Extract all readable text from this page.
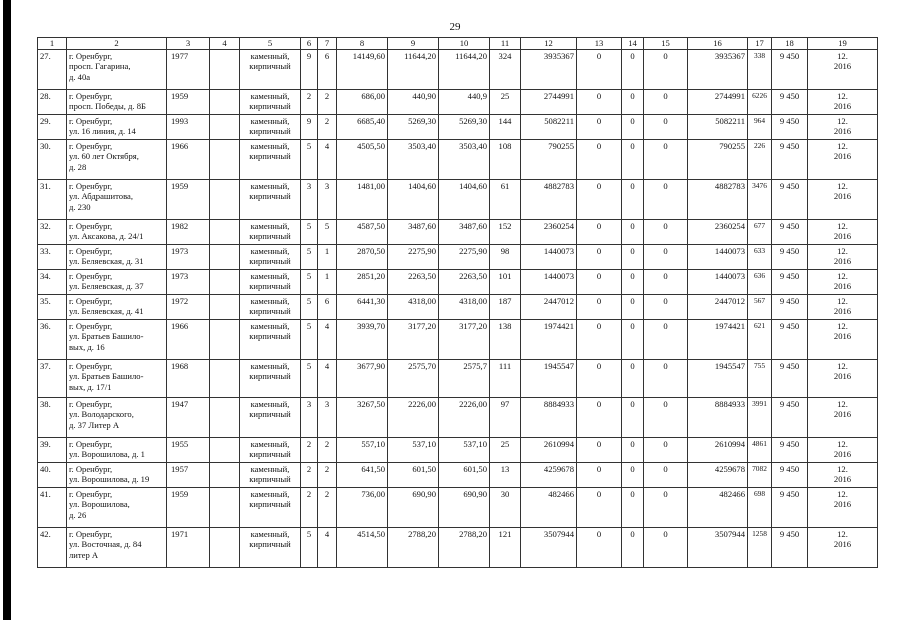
29
1	2	3	4	5	6	7	8	9	10	11	12	13	14	15	16	17	18	19
27.	г. Оренбург,
просп. Гагарина,
д. 40а	1977		каменный,
кирпичный	9	6	14149,60	11644,20	11644,20	324	3935367	0	0	0	3935367	338	9 450	12.
2016
28.	г. Оренбург,
просп. Победы, д. 8Б	1959		каменный,
кирпичный	2	2	686,00	440,90	440,9	25	2744991	0	0	0	2744991	6226	9 450	12.
2016
29.	г. Оренбург,
ул. 16 линия, д. 14	1993		каменный,
кирпичный	9	2	6685,40	5269,30	5269,30	144	5082211	0	0	0	5082211	964	9 450	12.
2016
30.	г. Оренбург,
ул. 60 лет Октября,
д. 28	1966		каменный,
кирпичный	5	4	4505,50	3503,40	3503,40	108	790255	0	0	0	790255	226	9 450	12.
2016
31.	г. Оренбург,
ул. Абдрашитова,
д. 230	1959		каменный,
кирпичный	3	3	1481,00	1404,60	1404,60	61	4882783	0	0	0	4882783	3476	9 450	12.
2016
32.	г. Оренбург,
ул. Аксакова, д. 24/1	1982		каменный,
кирпичный	5	5	4587,50	3487,60	3487,60	152	2360254	0	0	0	2360254	677	9 450	12.
2016
33.	г. Оренбург,
ул. Беляевская, д. 31	1973		каменный,
кирпичный	5	1	2870,50	2275,90	2275,90	98	1440073	0	0	0	1440073	633	9 450	12.
2016
34.	г. Оренбург,
ул. Беляевская, д. 37	1973		каменный,
кирпичный	5	1	2851,20	2263,50	2263,50	101	1440073	0	0	0	1440073	636	9 450	12.
2016
35.	г. Оренбург,
ул. Беляевская, д. 41	1972		каменный,
кирпичный	5	6	6441,30	4318,00	4318,00	187	2447012	0	0	0	2447012	567	9 450	12.
2016
36.	г. Оренбург,
ул. Братьев Башило-
вых, д. 16	1966		каменный,
кирпичный	5	4	3939,70	3177,20	3177,20	138	1974421	0	0	0	1974421	621	9 450	12.
2016
37.	г. Оренбург,
ул. Братьев Башило-
вых, д. 17/1	1968		каменный,
кирпичный	5	4	3677,90	2575,70	2575,7	111	1945547	0	0	0	1945547	755	9 450	12.
2016
38.	г. Оренбург,
ул. Володарского,
д. 37 Литер А	1947		каменный,
кирпичный	3	3	3267,50	2226,00	2226,00	97	8884933	0	0	0	8884933	3991	9 450	12.
2016
39.	г. Оренбург,
ул. Ворошилова, д. 1	1955		каменный,
кирпичный	2	2	557,10	537,10	537,10	25	2610994	0	0	0	2610994	4861	9 450	12.
2016
40.	г. Оренбург,
ул. Ворошилова, д. 19	1957		каменный,
кирпичный	2	2	641,50	601,50	601,50	13	4259678	0	0	0	4259678	7082	9 450	12.
2016
41.	г. Оренбург,
ул. Ворошилова,
д. 26	1959		каменный,
кирпичный	2	2	736,00	690,90	690,90	30	482466	0	0	0	482466	698	9 450	12.
2016
42.	г. Оренбург,
ул. Восточная, д. 84
литер А	1971		каменный,
кирпичный	5	4	4514,50	2788,20	2788,20	121	3507944	0	0	0	3507944	1258	9 450	12.
2016
